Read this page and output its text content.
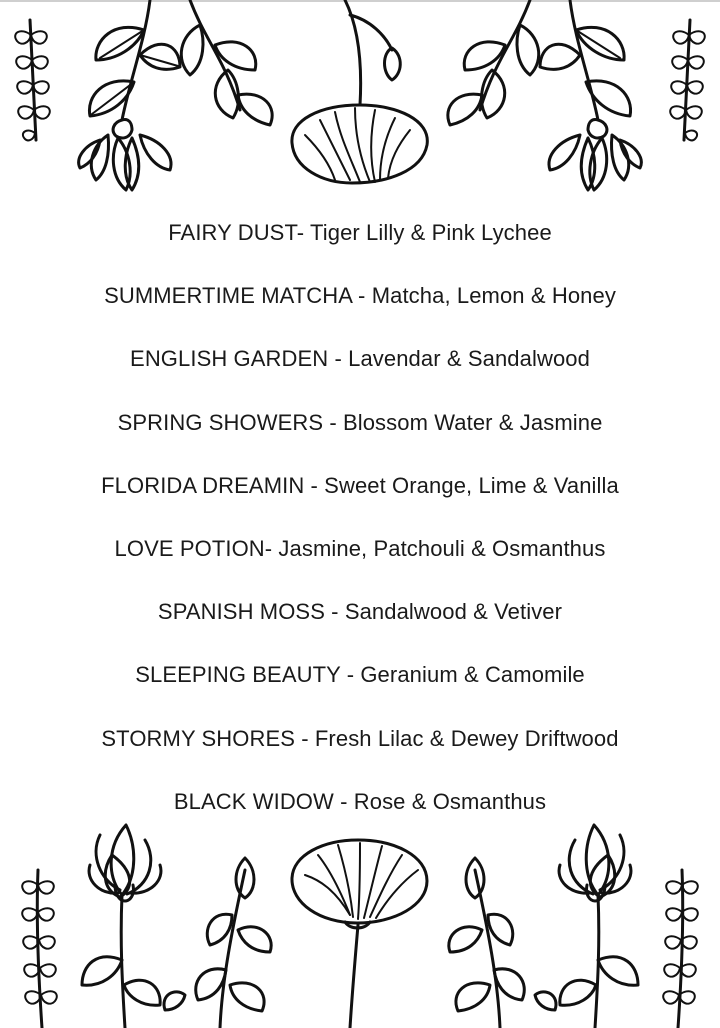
FAIRY DUST- Tiger Lilly & Pink Lychee
SUMMERTIME MATCHA - Matcha, Lemon & Honey
ENGLISH GARDEN - Lavendar & Sandalwood
SPRING SHOWERS - Blossom Water & Jasmine
FLORIDA DREAMIN - Sweet Orange, Lime & Vanilla
LOVE POTION- Jasmine, Patchouli & Osmanthus
SPANISH MOSS - Sandalwood & Vetiver
SLEEPING BEAUTY - Geranium & Camomile
STORMY SHORES - Fresh Lilac & Dewey Driftwood
BLACK WIDOW - Rose & Osmanthus
